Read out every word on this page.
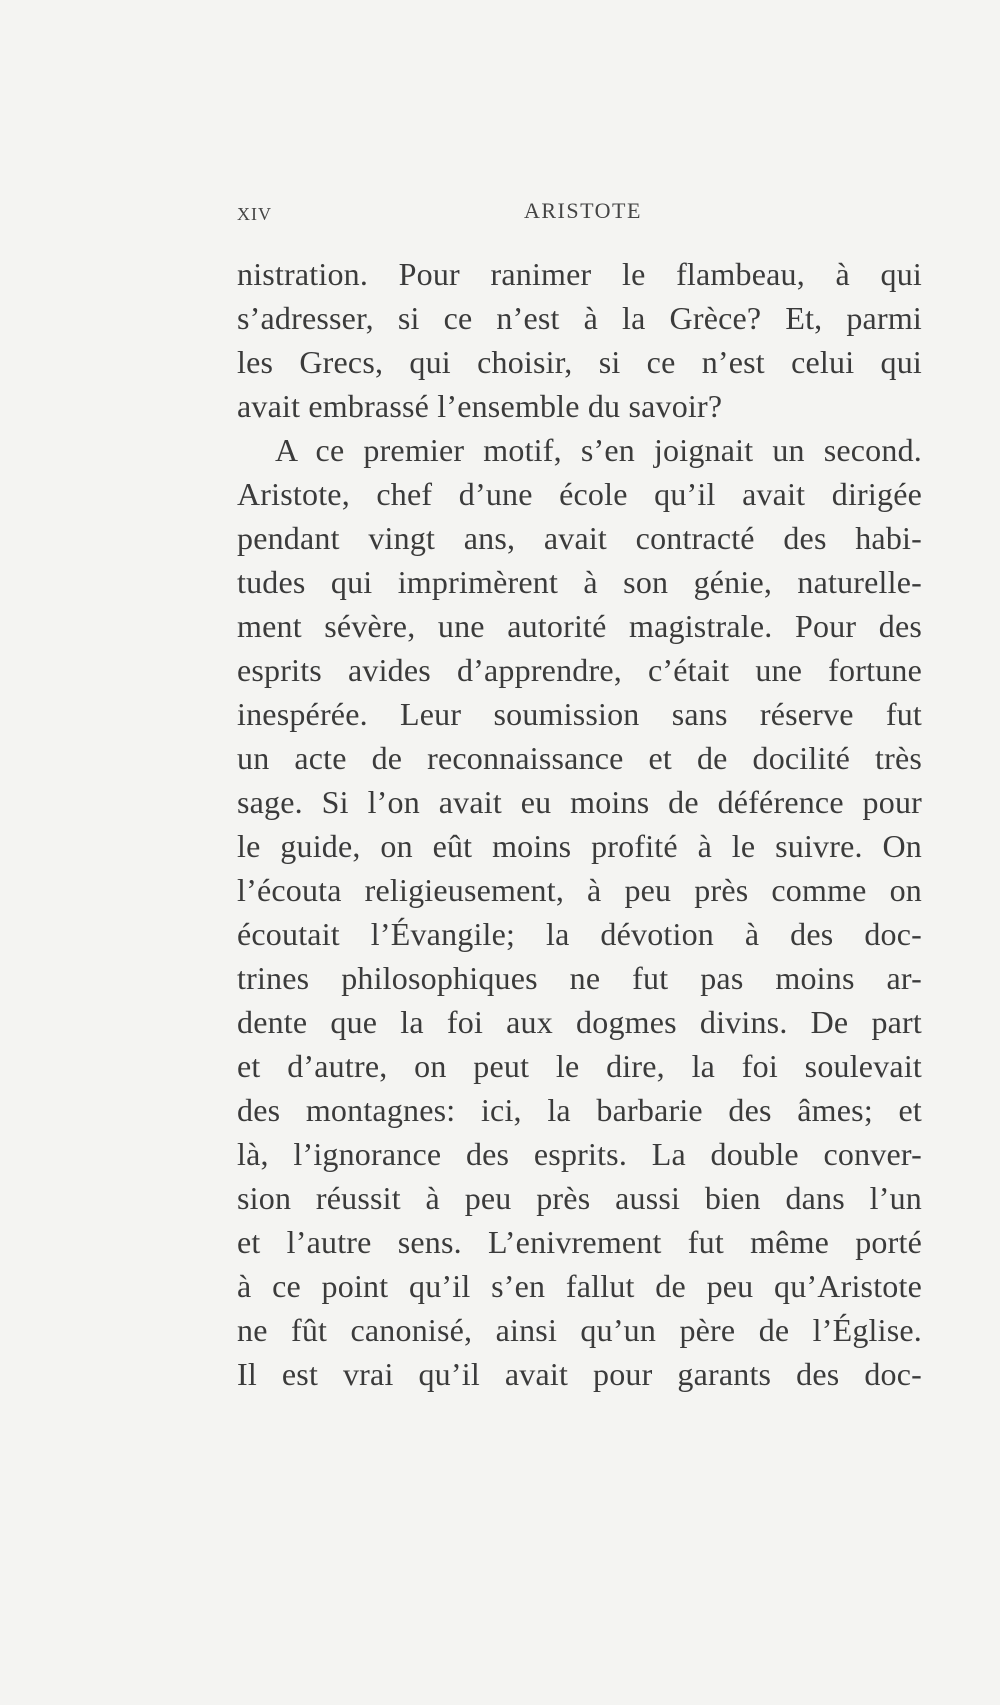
XIV	ARISTOTE
nistration. Pour ranimer le flambeau, à qui
s’adresser, si ce n’est à la Grèce? Et, parmi
les Grecs, qui choisir, si ce n’est celui qui
avait embrassé l’ensemble du savoir?
A ce premier motif, s’en joignait un second.
Aristote, chef d’une école qu’il avait dirigée
pendant vingt ans, avait contracté des habi-
tudes qui imprimèrent à son génie, naturelle-
ment sévère, une autorité magistrale. Pour des
esprits avides d’apprendre, c’était une fortune
inespérée. Leur soumission sans réserve fut
un acte de reconnaissance et de docilité très
sage. Si l’on avait eu moins de déférence pour
le guide, on eût moins profité à le suivre. On
l’écouta religieusement, à peu près comme on
écoutait l’Évangile; la dévotion à des doc-
trines philosophiques ne fut pas moins ar-
dente que la foi aux dogmes divins. De part
et d’autre, on peut le dire, la foi soulevait
des montagnes: ici, la barbarie des âmes; et
là, l’ignorance des esprits. La double conver-
sion réussit à peu près aussi bien dans l’un
et l’autre sens. L’enivrement fut même porté
à ce point qu’il s’en fallut de peu qu’Aristote
ne fût canonisé, ainsi qu’un père de l’Église.
Il est vrai qu’il avait pour garants des doc-
